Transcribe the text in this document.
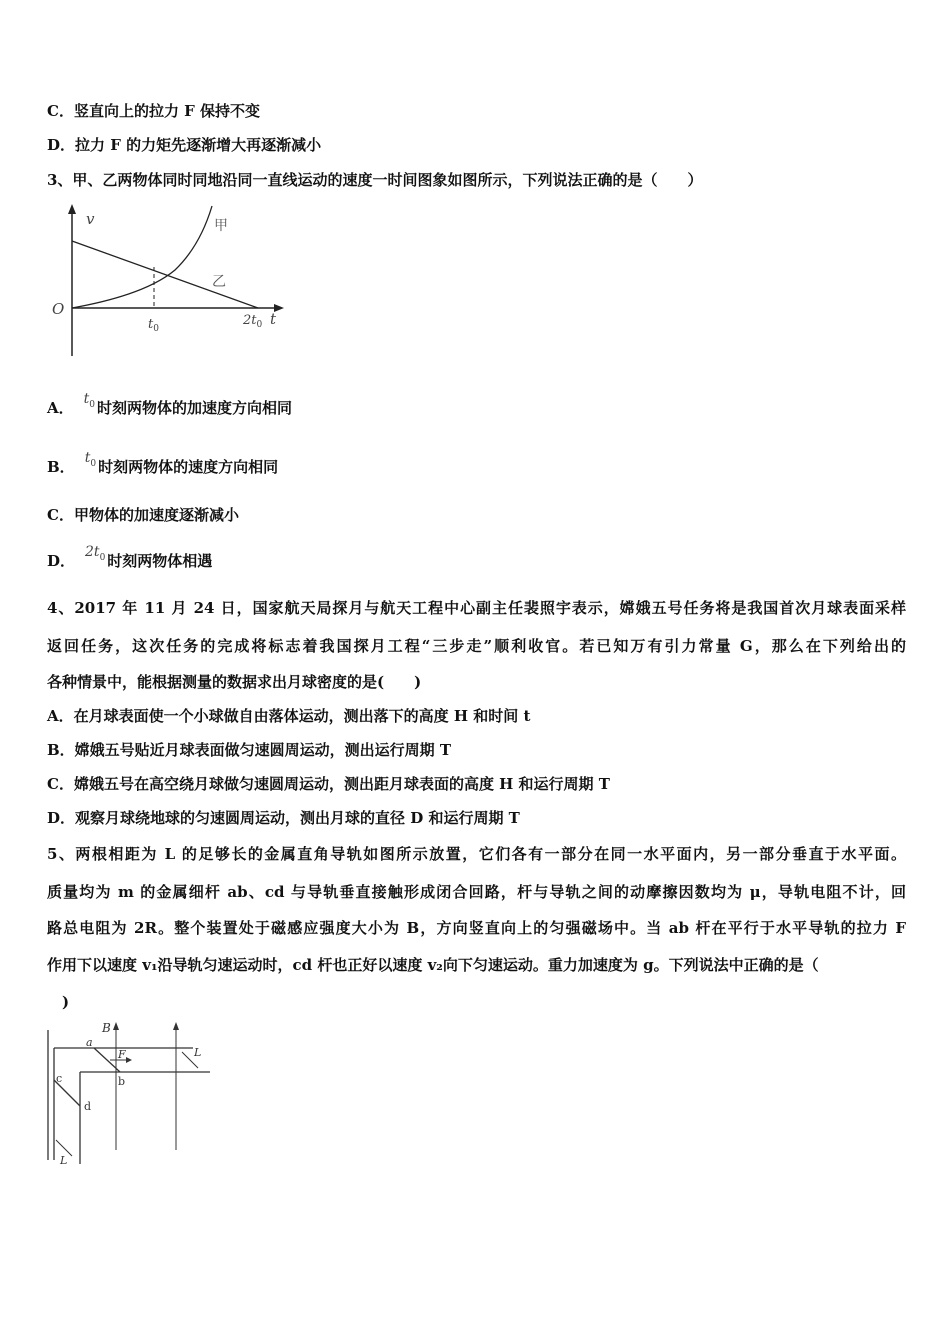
C．竖直向上的拉力 F 保持不变
D．拉力 F 的力矩先逐渐增大再逐渐减小
3、甲、乙两物体同时同地沿同一直线运动的速度一时间图象如图所示，下列说法正确的是（　　）
v	甲
乙
O
$t_0$
$2t_0$ t
A． $t_0$ 时刻两物体的加速度方向相同
B． $t_0$ 时刻两物体的速度方向相同
C．甲物体的加速度逐渐减小
D． $2t_0$ 时刻两物体相遇
4、2017 年 11 月 24 日，国家航天局探月与航天工程中心副主任裴照宇表示，嫦娥五号任务将是我国首次月球表面采样
返回任务，这次任务的完成将标志着我国探月工程“三步走”顺利收官。若已知万有引力常量 G，那么在下列给出的
各种情景中，能根据测量的数据求出月球密度的是(　　)
A．在月球表面使一个小球做自由落体运动，测出落下的高度 H 和时间 t
B．嫦娥五号贴近月球表面做匀速圆周运动，测出运行周期 T
C．嫦娥五号在高空绕月球做匀速圆周运动，测出距月球表面的高度 H 和运行周期 T
D．观察月球绕地球的匀速圆周运动，测出月球的直径 D 和运行周期 T
5、两根相距为 L 的足够长的金属直角导轨如图所示放置，它们各有一部分在同一水平面内，另一部分垂直于水平面。
质量均为 m 的金属细杆 ab、cd 与导轨垂直接触形成闭合回路，杆与导轨之间的动摩擦因数均为 μ，导轨电阻不计，回
路总电阻为 2R。整个装置处于磁感应强度大小为 B，方向竖直向上的匀强磁场中。当 ab 杆在平行于水平导轨的拉力 F
作用下以速度 v₁沿导轨匀速运动时，cd 杆也正好以速度 v₂向下匀速运动。重力加速度为 g。下列说法中正确的是（
)
B
a
b
c
d
F	L
L
